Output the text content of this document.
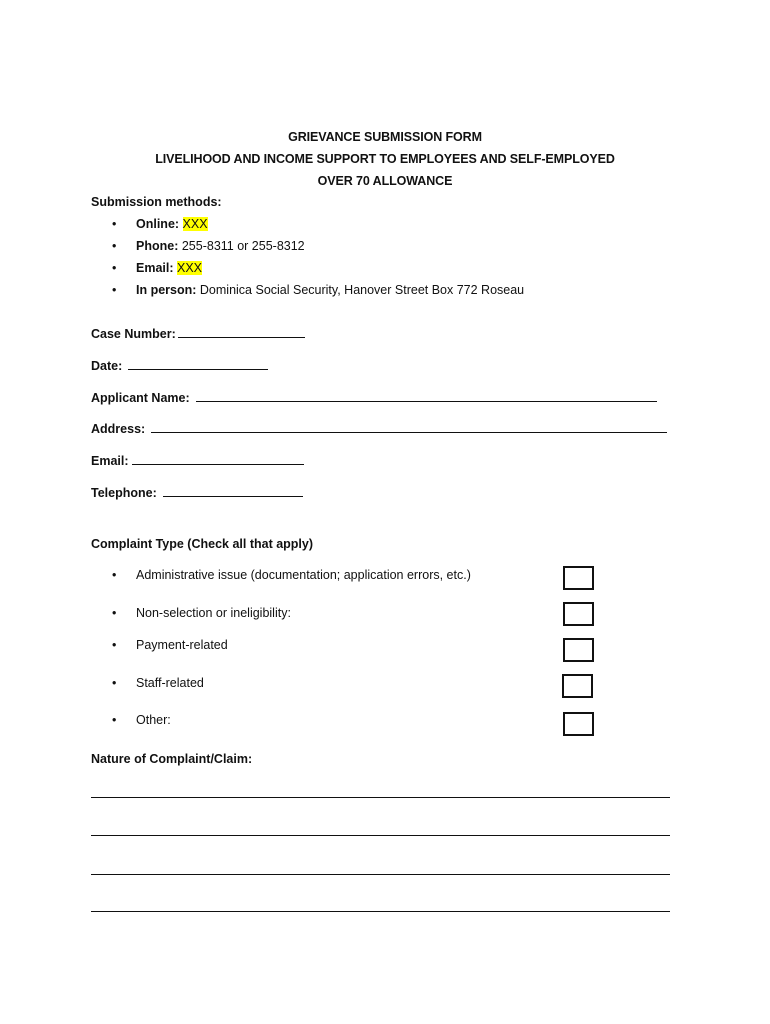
GRIEVANCE SUBMISSION FORM
LIVELIHOOD AND INCOME SUPPORT TO EMPLOYEES AND SELF-EMPLOYED
OVER 70 ALLOWANCE
Submission methods:
• Online: XXX
• Phone: 255-8311 or 255-8312
• Email: XXX
• In person: Dominica Social Security, Hanover Street Box 772 Roseau
Case Number:
Date:
Applicant Name:
Address:
Email:
Telephone:
Complaint Type (Check all that apply)
• Administrative issue (documentation; application errors, etc.)
• Non-selection or ineligibility:
• Payment-related
• Staff-related
• Other:
Nature of Complaint/Claim:
